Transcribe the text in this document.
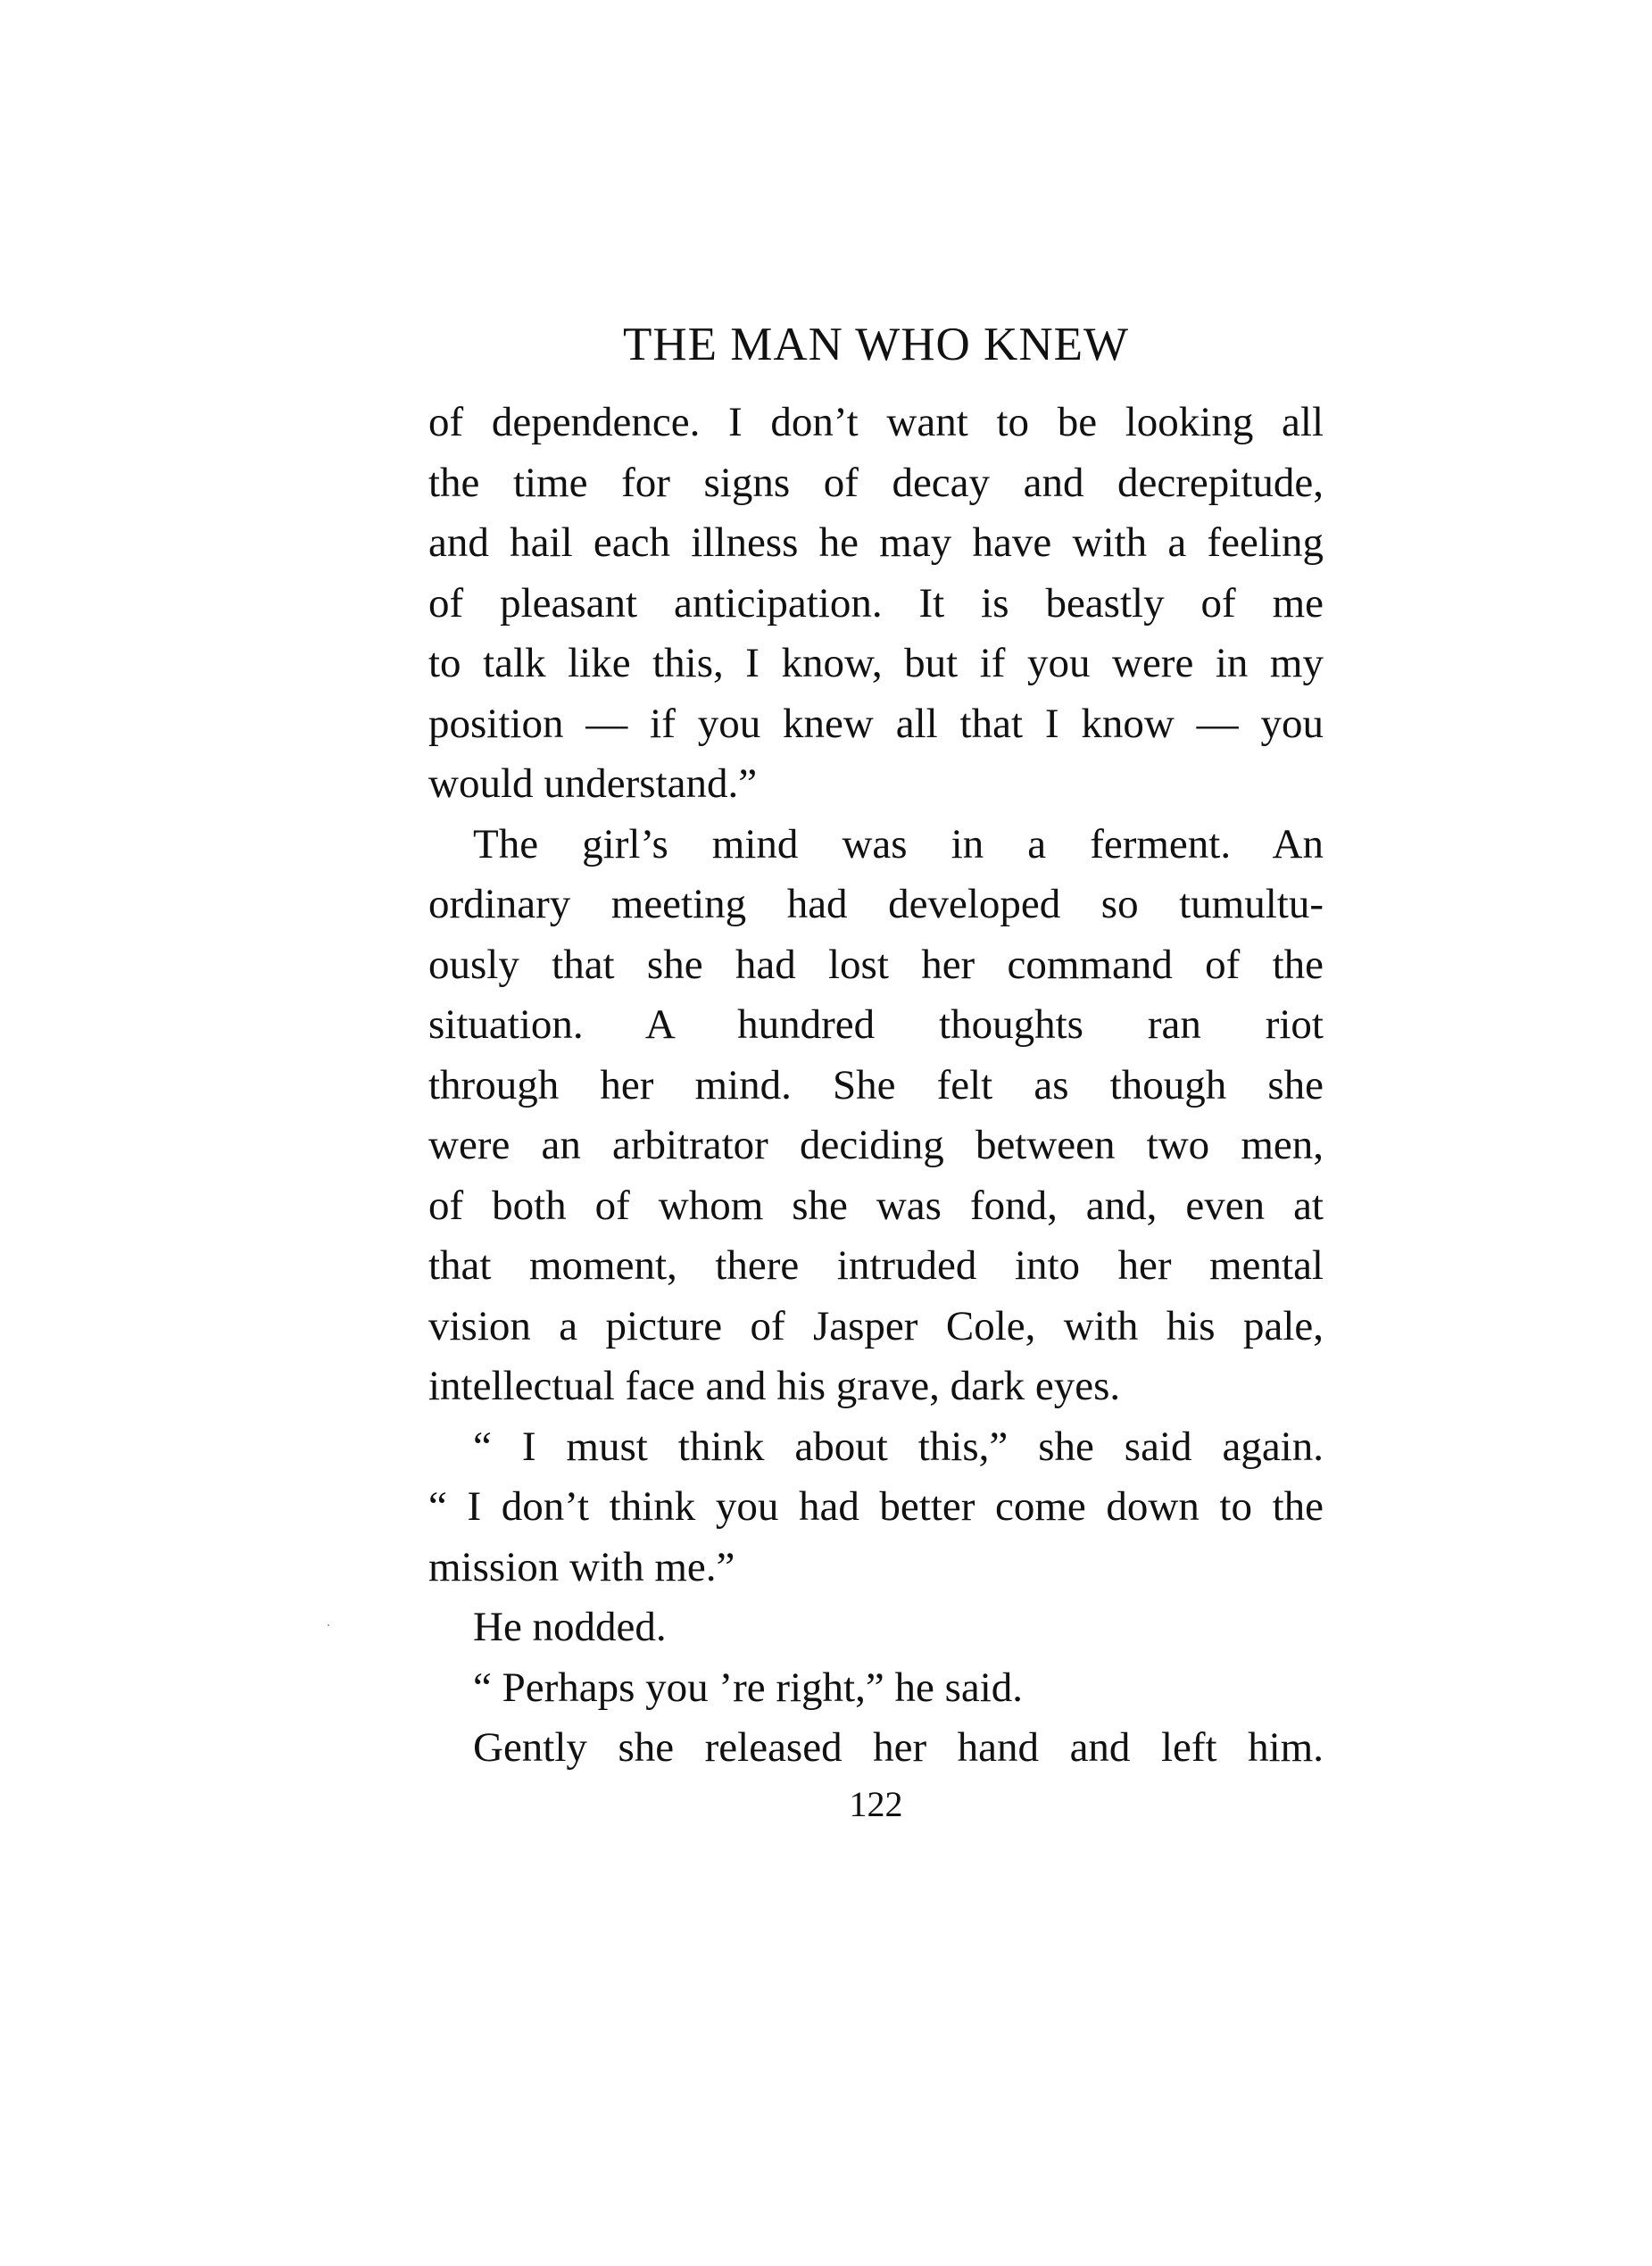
THE MAN WHO KNEW
of dependence. I don’t want to be looking all
the time for signs of decay and decrepitude,
and hail each illness he may have with a feeling
of pleasant anticipation. It is beastly of me
to talk like this, I know, but if you were in my
position — if you knew all that I know — you
would understand.”
The girl’s mind was in a ferment. An
ordinary meeting had developed so tumultu-
ously that she had lost her command of the
situation. A hundred thoughts ran riot
through her mind. She felt as though she
were an arbitrator deciding between two men,
of both of whom she was fond, and, even at
that moment, there intruded into her mental
vision a picture of Jasper Cole, with his pale,
intellectual face and his grave, dark eyes.
“ I must think about this,” she said again.
“ I don’t think you had better come down to the
mission with me.”
He nodded.
“ Perhaps you ’re right,” he said.
Gently she released her hand and left him.
122
